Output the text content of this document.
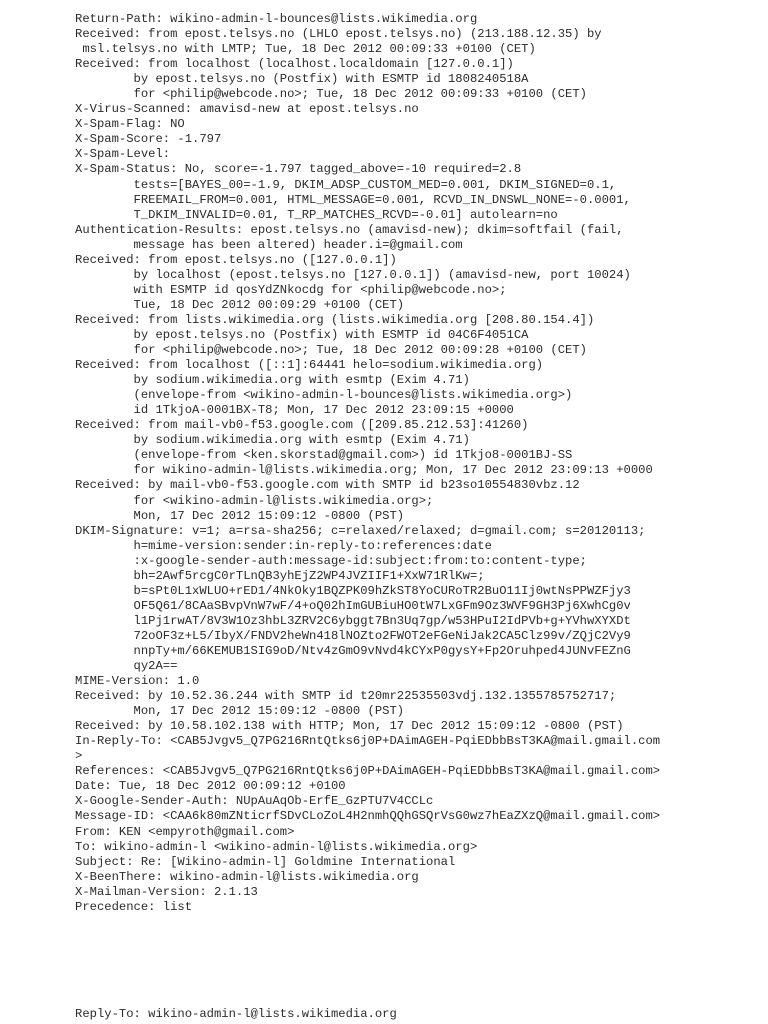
Return-Path: wikino-admin-l-bounces@lists.wikimedia.org
Received: from epost.telsys.no (LHLO epost.telsys.no) (213.188.12.35) by
msl.telsys.no with LMTP; Tue, 18 Dec 2012 00:09:33 +0100 (CET)
Received: from localhost (localhost.localdomain [127.0.0.1])
by epost.telsys.no (Postfix) with ESMTP id 1808240518A
for <philip@webcode.no>; Tue, 18 Dec 2012 00:09:33 +0100 (CET)
X-Virus-Scanned: amavisd-new at epost.telsys.no
X-Spam-Flag: NO
X-Spam-Score: -1.797
X-Spam-Level:
X-Spam-Status: No, score=-1.797 tagged_above=-10 required=2.8
tests=[BAYES_00=-1.9, DKIM_ADSP_CUSTOM_MED=0.001, DKIM_SIGNED=0.1,
FREEMAIL_FROM=0.001, HTML_MESSAGE=0.001, RCVD_IN_DNSWL_NONE=-0.0001,
T_DKIM_INVALID=0.01, T_RP_MATCHES_RCVD=-0.01] autolearn=no
Authentication-Results: epost.telsys.no (amavisd-new); dkim=softfail (fail,
message has been altered) header.i=@gmail.com
Received: from epost.telsys.no ([127.0.0.1])
by localhost (epost.telsys.no [127.0.0.1]) (amavisd-new, port 10024)
with ESMTP id qosYdZNkocdg for <philip@webcode.no>;
Tue, 18 Dec 2012 00:09:29 +0100 (CET)
Received: from lists.wikimedia.org (lists.wikimedia.org [208.80.154.4])
by epost.telsys.no (Postfix) with ESMTP id 04C6F4051CA
for <philip@webcode.no>; Tue, 18 Dec 2012 00:09:28 +0100 (CET)
Received: from localhost ([::1]:64441 helo=sodium.wikimedia.org)
by sodium.wikimedia.org with esmtp (Exim 4.71)
(envelope-from <wikino-admin-l-bounces@lists.wikimedia.org>)
id 1TkjoA-0001BX-T8; Mon, 17 Dec 2012 23:09:15 +0000
Received: from mail-vb0-f53.google.com ([209.85.212.53]:41260)
by sodium.wikimedia.org with esmtp (Exim 4.71)
(envelope-from <ken.skorstad@gmail.com>) id 1Tkjo8-0001BJ-SS
for wikino-admin-l@lists.wikimedia.org; Mon, 17 Dec 2012 23:09:13 +0000
Received: by mail-vb0-f53.google.com with SMTP id b23so10554830vbz.12
for <wikino-admin-l@lists.wikimedia.org>;
Mon, 17 Dec 2012 15:09:12 -0800 (PST)
DKIM-Signature: v=1; a=rsa-sha256; c=relaxed/relaxed; d=gmail.com; s=20120113;
h=mime-version:sender:in-reply-to:references:date
:x-google-sender-auth:message-id:subject:from:to:content-type;
bh=2Awf5rcgC0rTLnQB3yhEjZ2WP4JVZIIF1+XxW71RlKw=;
b=sPt0L1xWLUO+rED1/4NkOky1BQZPK09hZkST8YoCURoTR2BuO11Ij0wtNsPPWZFjy3
OF5Q61/8CAaSBvpVnW7wF/4+oQ02hImGUBiuHO0tW7LxGFm9Oz3WVF9GH3Pj6XwhCg0v
l1Pj1rwAT/8V3W1Oz3hbL3ZRV2C6ybggt7Bn3Uq7gp/w53HPuI2IdPVb+g+YVhwXYXDt
72oOF3z+L5/IbyX/FNDV2heWn418lNOZto2FWOT2eFGeNiJak2CA5Clz99v/ZQjC2Vy9
nnpTy+m/66KEMUB1SIG9oD/Ntv4zGmO9vNvd4kCYxP0gysY+Fp2Oruhped4JUNvFEZnG
qy2A==
MIME-Version: 1.0
Received: by 10.52.36.244 with SMTP id t20mr22535503vdj.132.1355785752717;
Mon, 17 Dec 2012 15:09:12 -0800 (PST)
Received: by 10.58.102.138 with HTTP; Mon, 17 Dec 2012 15:09:12 -0800 (PST)
In-Reply-To: <CAB5Jvgv5_Q7PG216RntQtks6j0P+DAimAGEH-PqiEDbbBsT3KA@mail.gmail.com
>
References: <CAB5Jvgv5_Q7PG216RntQtks6j0P+DAimAGEH-PqiEDbbBsT3KA@mail.gmail.com>
Date: Tue, 18 Dec 2012 00:09:12 +0100
X-Google-Sender-Auth: NUpAuAqOb-ErfE_GzPTU7V4CCLc
Message-ID: <CAA6k80mZNticrfSDvCLoZoL4H2nmhQQhGSQrVsG0wz7hEaZXzQ@mail.gmail.com>
From: KEN <empyroth@gmail.com>
To: wikino-admin-l <wikino-admin-l@lists.wikimedia.org>
Subject: Re: [Wikino-admin-l] Goldmine International
X-BeenThere: wikino-admin-l@lists.wikimedia.org
X-Mailman-Version: 2.1.13
Precedence: list
Reply-To: wikino-admin-l@lists.wikimedia.org
